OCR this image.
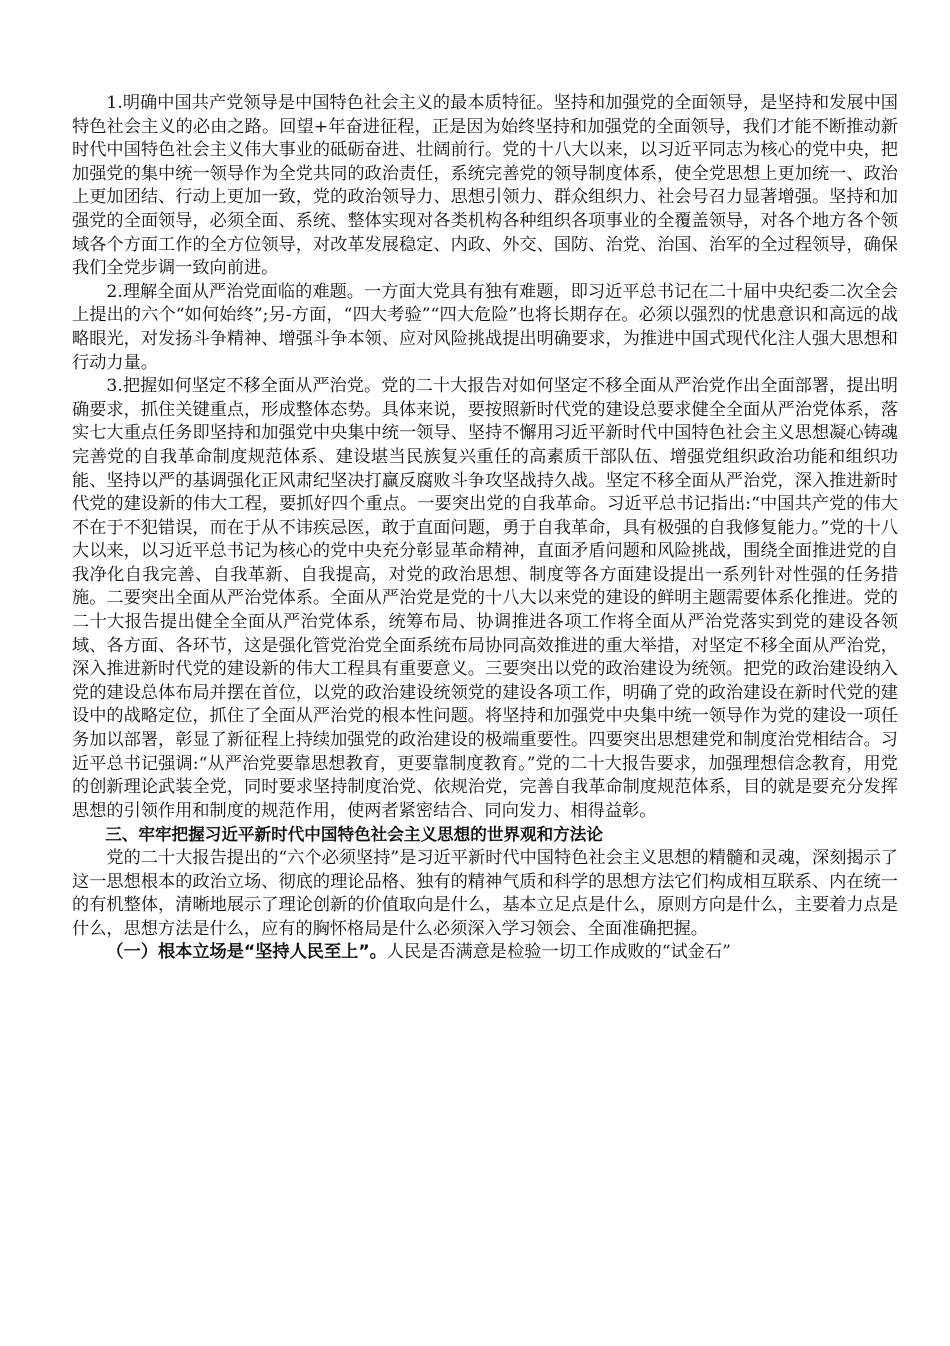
1.明确中国共产党领导是中国特色社会主义的最本质特征。坚持和加强党的全面领导，是坚持和发展中国特色社会主义的必由之路。回望+年奋进征程，正是因为始终坚持和加强党的全面领导，我们才能不断推动新时代中国特色社会主义伟大事业的砥砺奋进、壮阔前行。党的十八大以来，以习近平同志为核心的党中央，把加强党的集中统一领导作为全党共同的政治责任，系统完善党的领导制度体系，使全党思想上更加统一、政治上更加团结、行动上更加一致，党的政治领导力、思想引领力、群众组织力、社会号召力显著增强。坚持和加强党的全面领导，必须全面、系统、整体实现对各类机构各种组织各项事业的全覆盖领导，对各个地方各个领域各个方面工作的全方位领导，对改革发展稳定、内政、外交、国防、治党、治国、治军的全过程领导，确保我们全党步调一致向前进。

2.理解全面从严治党面临的难题。一方面大党具有独有难题，即习近平总书记在二十届中央纪委二次全会上提出的六个“如何始终”;另-方面，“四大考验”“四大危险”也将长期存在。必须以强烈的忧患意识和高远的战略眼光，对发扬斗争精神、增强斗争本领、应对风险挑战提出明确要求，为推进中国式现代化注人强大思想和行动力量。

3.把握如何坚定不移全面从严治党。党的二十大报告对如何坚定不移全面从严治党作出全面部署，提出明确要求，抓住关键重点，形成整体态势。具体来说，要按照新时代党的建设总要求健全全面从严治党体系，落实七大重点任务即坚持和加强党中央集中统一领导、坚持不懈用习近平新时代中国特色社会主义思想凝心铸魂完善党的自我革命制度规范体系、建设堪当民族复兴重任的高素质干部队伍、增强党组织政治功能和组织功能、坚持以严的基调强化正风肃纪坚决打赢反腐败斗争攻坚战持久战。坚定不移全面从严治党，深入推进新时代党的建设新的伟大工程，要抓好四个重点。一要突出党的自我革命。习近平总书记指出:“中国共产党的伟大不在于不犯错误，而在于从不讳疾忌医，敢于直面问题，勇于自我革命，具有极强的自我修复能力。”党的十八大以来，以习近平总书记为核心的党中央充分彰显革命精神，直面矛盾问题和风险挑战，围绕全面推进党的自我净化自我完善、自我革新、自我提高，对党的政治思想、制度等各方面建设提出一系列针对性强的任务措施。二要突出全面从严治党体系。全面从严治党是党的十八大以来党的建设的鲜明主题需要体系化推进。党的二十大报告提出健全全面从严治党体系，统筹布局、协调推进各项工作将全面从严治党落实到党的建设各领域、各方面、各环节，这是强化管党治党全面系统布局协同高效推进的重大举措，对坚定不移全面从严治党，深入推进新时代党的建设新的伟大工程具有重要意义。三要突出以党的政治建设为统领。把党的政治建设纳入党的建设总体布局并摆在首位，以党的政治建设统领党的建设各项工作，明确了党的政治建设在新时代党的建设中的战略定位，抓住了全面从严治党的根本性问题。将坚持和加强党中央集中统一领导作为党的建设一项任务加以部署，彰显了新征程上持续加强党的政治建设的极端重要性。四要突出思想建党和制度治党相结合。习近平总书记强调:“从严治党要靠思想教育，更要靠制度教育。”党的二十大报告要求，加强理想信念教育，用党的创新理论武装全党，同时要求坚持制度治党、依规治党，完善自我革命制度规范体系，目的就是要充分发挥思想的引领作用和制度的规范作用，使两者紧密结合、同向发力、相得益彰。

三、牢牢把握习近平新时代中国特色社会主义思想的世界观和方法论

党的二十大报告提出的“六个必须坚持”是习近平新时代中国特色社会主义思想的精髓和灵魂，深刻揭示了这一思想根本的政治立场、彻底的理论品格、独有的精神气质和科学的思想方法它们构成相互联系、内在统一的有机整体，清晰地展示了理论创新的价值取向是什么，基本立足点是什么，原则方向是什么，主要着力点是什么，思想方法是什么，应有的胸怀格局是什么必须深入学习领会、全面准确把握。

（一）根本立场是“坚持人民至上”。人民是否满意是检验一切工作成败的“试金石”
